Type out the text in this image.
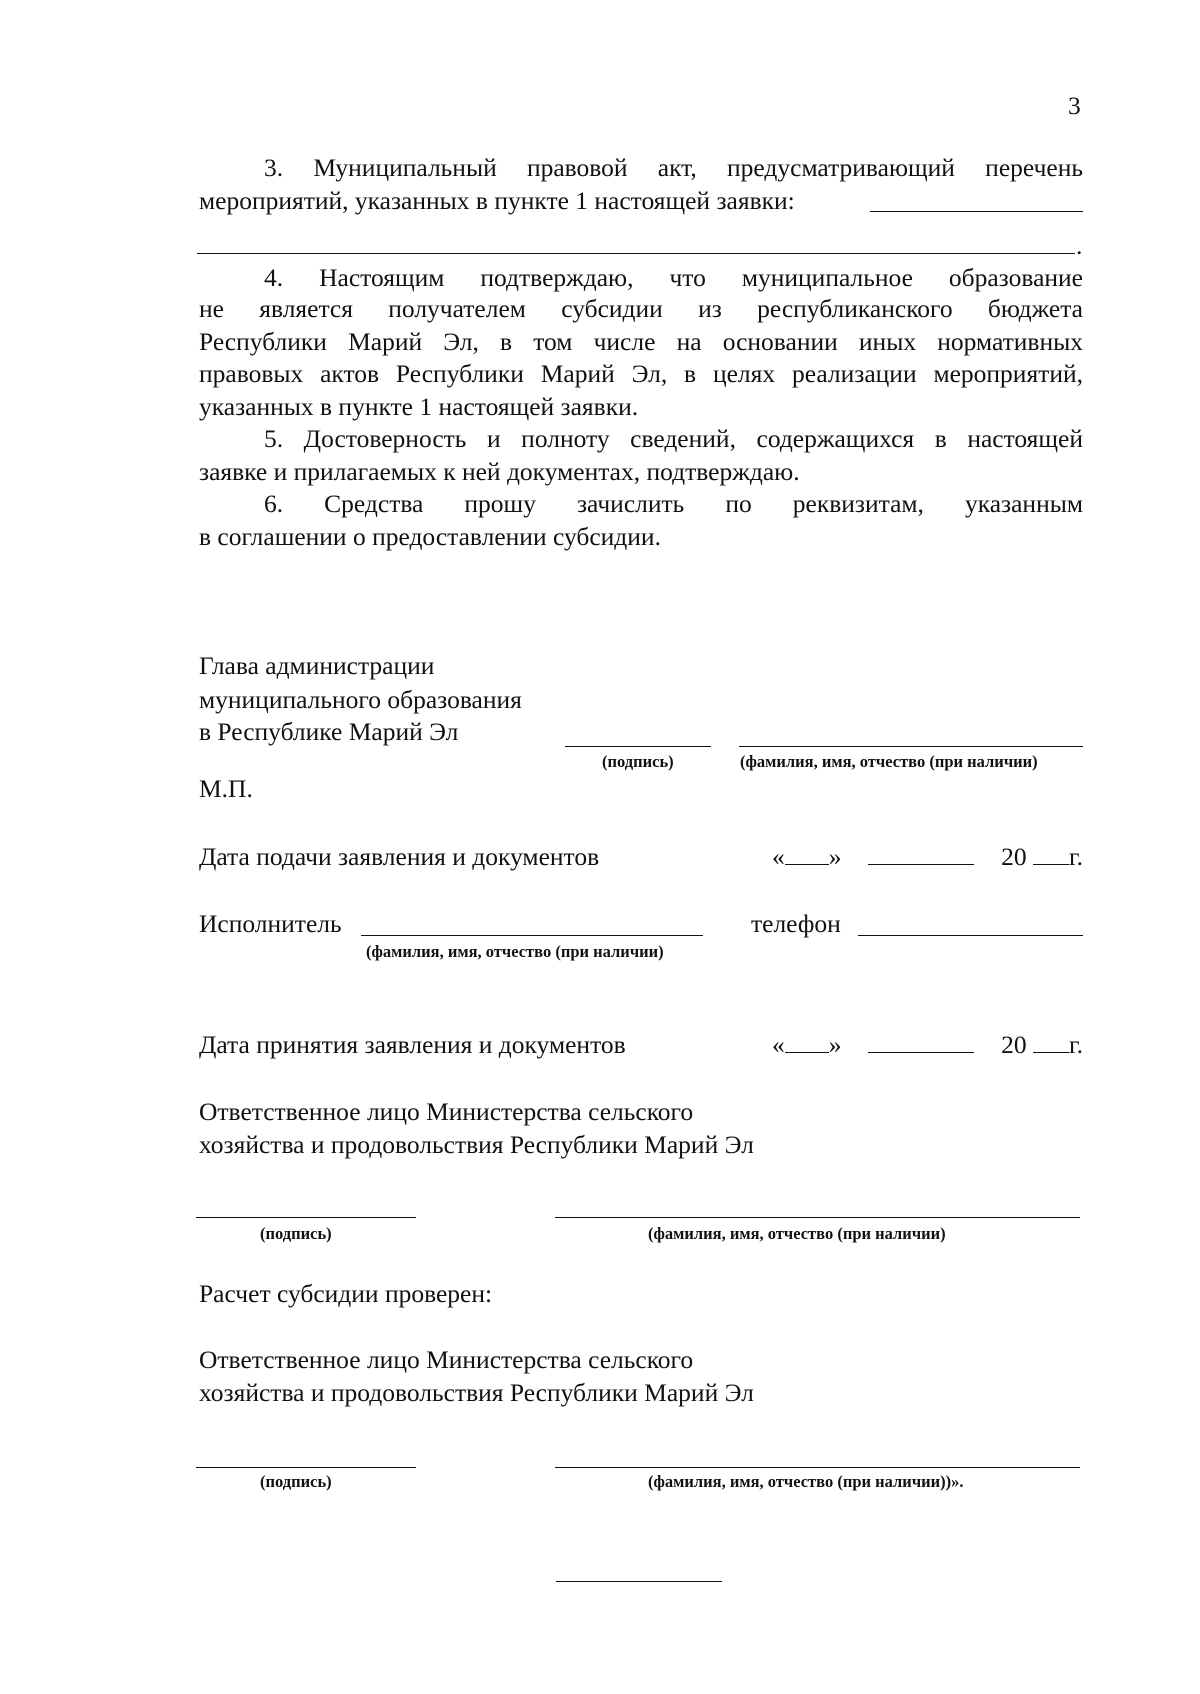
3
3. Муниципальный правовой акт, предусматривающий перечень
мероприятий, указанных в пункте 1 настоящей заявки:
.
4. Настоящим подтверждаю, что муниципальное образование
не является получателем субсидии из республиканского бюджета
Республики Марий Эл, в том числе на основании иных нормативных
правовых актов Республики Марий Эл, в целях реализации мероприятий,
указанных в пункте 1 настоящей заявки.
5. Достоверность и полноту сведений, содержащихся в настоящей
заявке и прилагаемых к ней документах, подтверждаю.
6. Средства прошу зачислить по реквизитам, указанным
в соглашении о предоставлении субсидии.
Глава администрации
муниципального образования
в Республике Марий Эл
(подпись)	(фамилия, имя, отчество (при наличии)
М.П.
Дата подачи заявления и документов	« »	20 г.
Исполнитель
(фамилия, имя, отчество (при наличии)
телефон
Дата принятия заявления и документов	« »	20 г.
Ответственное лицо Министерства сельского
хозяйства и продовольствия Республики Марий Эл
(подпись)	(фамилия, имя, отчество (при наличии)
Расчет субсидии проверен:
Ответственное лицо Министерства сельского
хозяйства и продовольствия Республики Марий Эл
(подпись)	(фамилия, имя, отчество (при наличии))».
